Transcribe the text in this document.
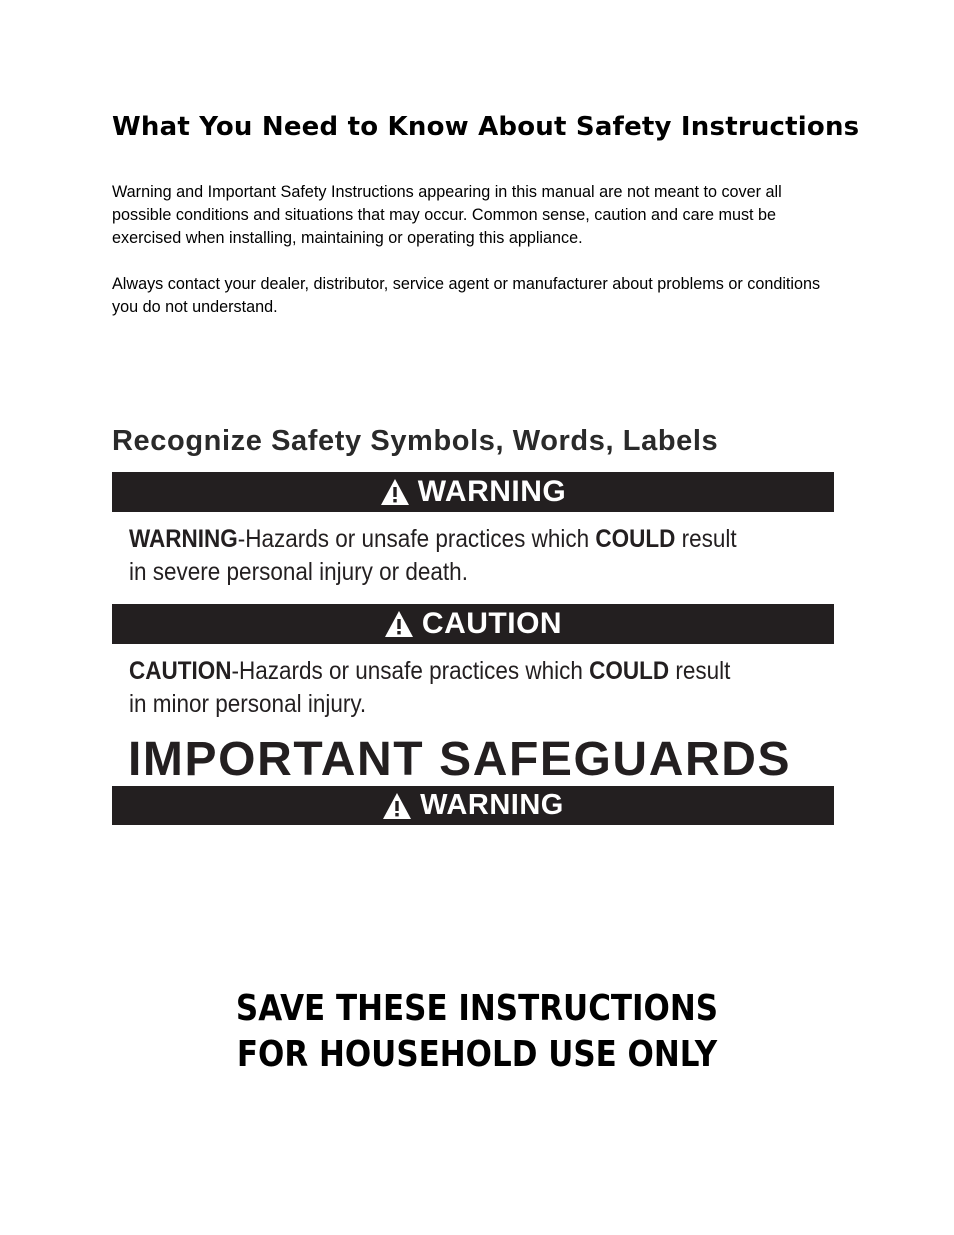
What You Need to Know About Safety Instructions

Warning and Important Safety Instructions appearing in this manual are not meant to cover all possible conditions and situations that may occur. Common sense, caution and care must be exercised when installing, maintaining or operating this appliance.

Always contact your dealer, distributor, service agent or manufacturer about problems or conditions you do not understand.

Recognize Safety Symbols, Words, Labels
WARNING

WARNING-Hazards or unsafe practices which COULD result
in severe personal injury or death.

CAUTION

CAUTION-Hazards or unsafe practices which COULD result
in minor personal injury.

IMPORTANT SAFEGUARDS
WARNING

SAVE THESE INSTRUCTIONS

FOR HOUSEHOLD USE ONLY
